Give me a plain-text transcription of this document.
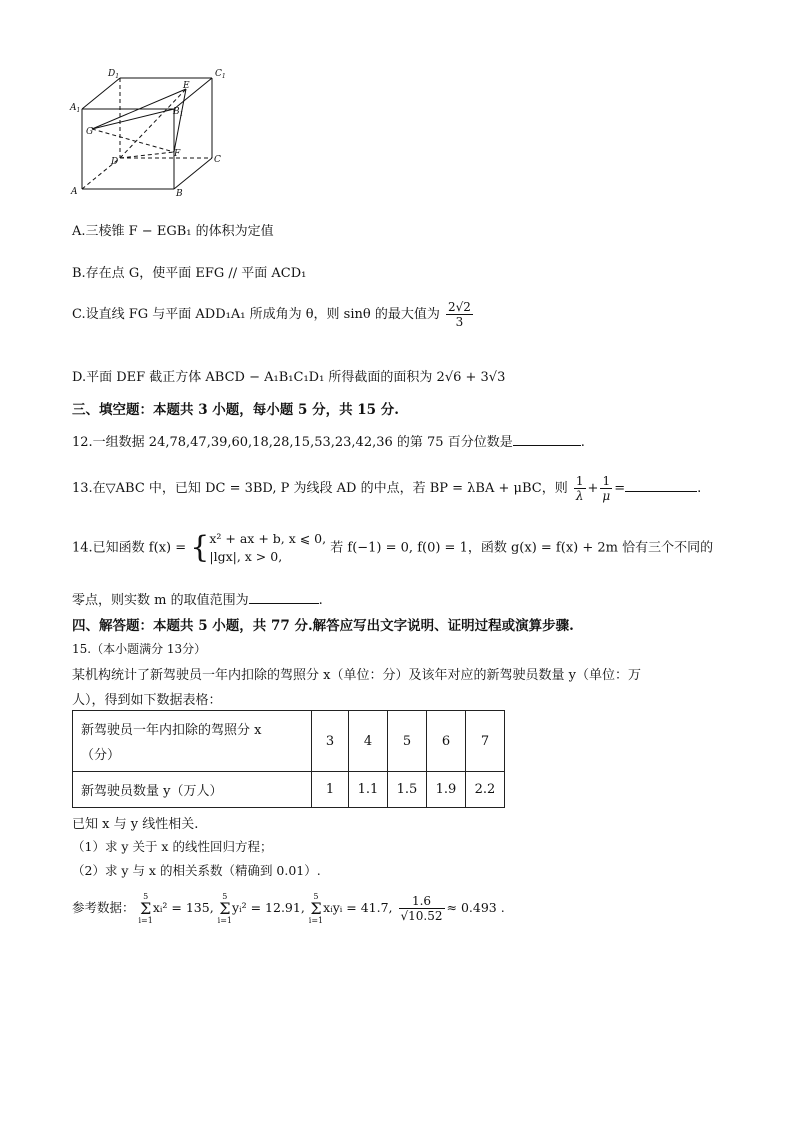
$D_1$	$C_1$
$A_1$
E
$B_1$
G
D
F
C
A	B
A.三棱锥 F − EGB₁ 的体积为定值
B.存在点 G，使平面 EFG // 平面 ACD₁
C.设直线 FG 与平面 ADD₁A₁ 所成角为 θ，则 sinθ 的最大值为 $\frac{2√2}{3}$
D.平面 DEF 截正方体 ABCD − A₁B₁C₁D₁ 所得截面的面积为 2√6 + 3√3
三、填空题：本题共 3 小题，每小题 5 分，共 15 分.
12.一组数据 24,78,47,39,60,18,28,15,53,23,42,36 的第 75 百分位数是	.
13.在▽ABC 中，已知 DC = 3BD, P 为线段 AD 的中点，若 BP = λBA + μBC，则 $\frac{1}{\lambda} + \frac{1}{\mu}$ =	.
14.已知函数 f(x) = { x² + ax + b, x ⩽ 0,
|lgx|, x > 0,
若 f(−1) = 0, f(0) = 1，函数 g(x) = f(x) + 2m 恰有三个不同的
零点，则实数 m 的取值范围为	.
四、解答题：本题共 5 小题，共 77 分.解答应写出文字说明、证明过程或演算步骤.
15.（本小题满分 13分）
某机构统计了新驾驶员一年内扣除的驾照分 x（单位：分）及该年对应的新驾驶员数量 y（单位：万
人），得到如下数据表格：
新驾驶员一年内扣除的驾照分 x
（分）	3	4	5	6	7
新驾驶员数量 y（万人）	1	1.1	1.5	1.9	2.2
已知 x 与 y 线性相关.
（1）求 y 关于 x 的线性回归方程；
（2）求 y 与 x 的相关系数（精确到 0.01）.
参考数据： 5
Σ
i=1xᵢ² = 135, 5
Σ
i=1yᵢ² = 12.91, 5
Σ
i=1xᵢyᵢ = 41.7, $\frac{1.6}{√10.52} \approx 0.493$ .
